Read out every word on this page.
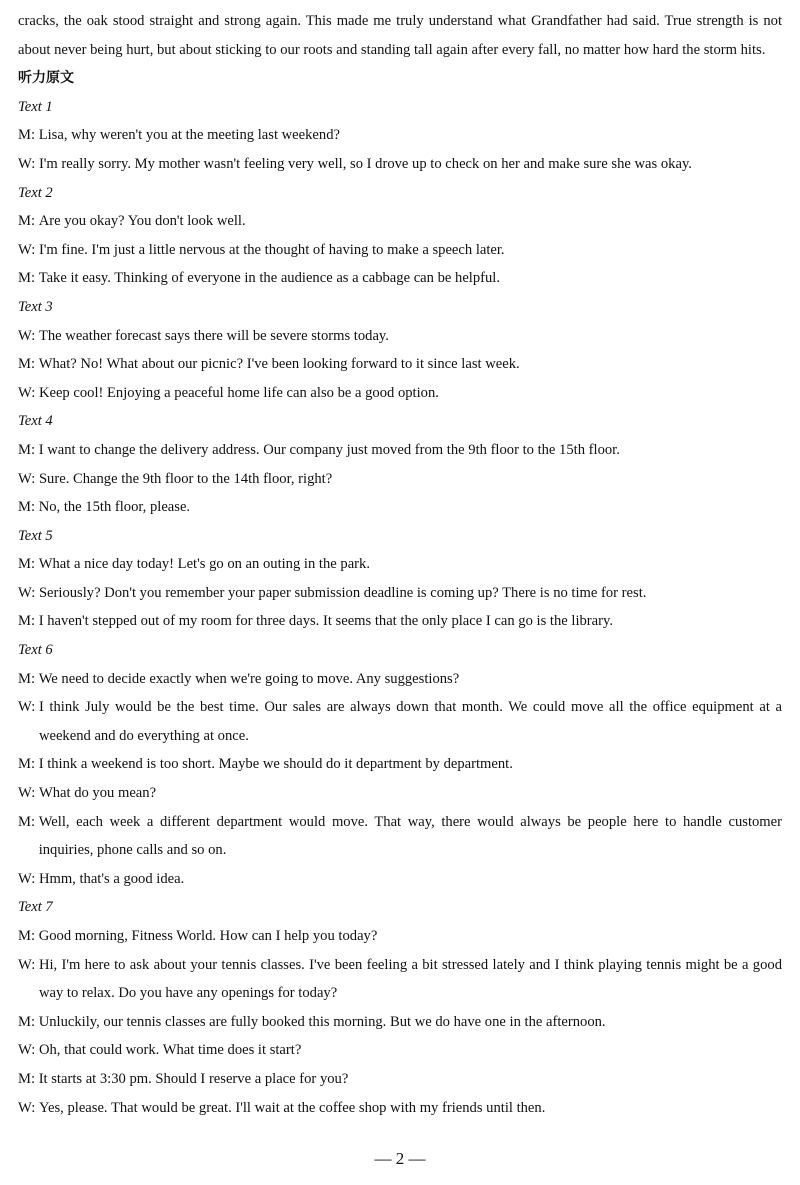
cracks, the oak stood straight and strong again. This made me truly understand what Grandfather had said. True strength is not about never being hurt, but about sticking to our roots and standing tall again after every fall, no matter how hard the storm hits.
听力原文
Text 1
M: Lisa, why weren't you at the meeting last weekend?
W: I'm really sorry. My mother wasn't feeling very well, so I drove up to check on her and make sure she was okay.
Text 2
M: Are you okay? You don't look well.
W: I'm fine. I'm just a little nervous at the thought of having to make a speech later.
M: Take it easy. Thinking of everyone in the audience as a cabbage can be helpful.
Text 3
W: The weather forecast says there will be severe storms today.
M: What? No! What about our picnic? I've been looking forward to it since last week.
W: Keep cool! Enjoying a peaceful home life can also be a good option.
Text 4
M: I want to change the delivery address. Our company just moved from the 9th floor to the 15th floor.
W: Sure. Change the 9th floor to the 14th floor, right?
M: No, the 15th floor, please.
Text 5
M: What a nice day today! Let's go on an outing in the park.
W: Seriously? Don't you remember your paper submission deadline is coming up? There is no time for rest.
M: I haven't stepped out of my room for three days. It seems that the only place I can go is the library.
Text 6
M: We need to decide exactly when we're going to move. Any suggestions?
W: I think July would be the best time. Our sales are always down that month. We could move all the office equipment at a weekend and do everything at once.
M: I think a weekend is too short. Maybe we should do it department by department.
W: What do you mean?
M: Well, each week a different department would move. That way, there would always be people here to handle customer inquiries, phone calls and so on.
W: Hmm, that's a good idea.
Text 7
M: Good morning, Fitness World. How can I help you today?
W: Hi, I'm here to ask about your tennis classes. I've been feeling a bit stressed lately and I think playing tennis might be a good way to relax. Do you have any openings for today?
M: Unluckily, our tennis classes are fully booked this morning. But we do have one in the afternoon.
W: Oh, that could work. What time does it start?
M: It starts at 3:30 pm. Should I reserve a place for you?
W: Yes, please. That would be great. I'll wait at the coffee shop with my friends until then.
— 2 —
